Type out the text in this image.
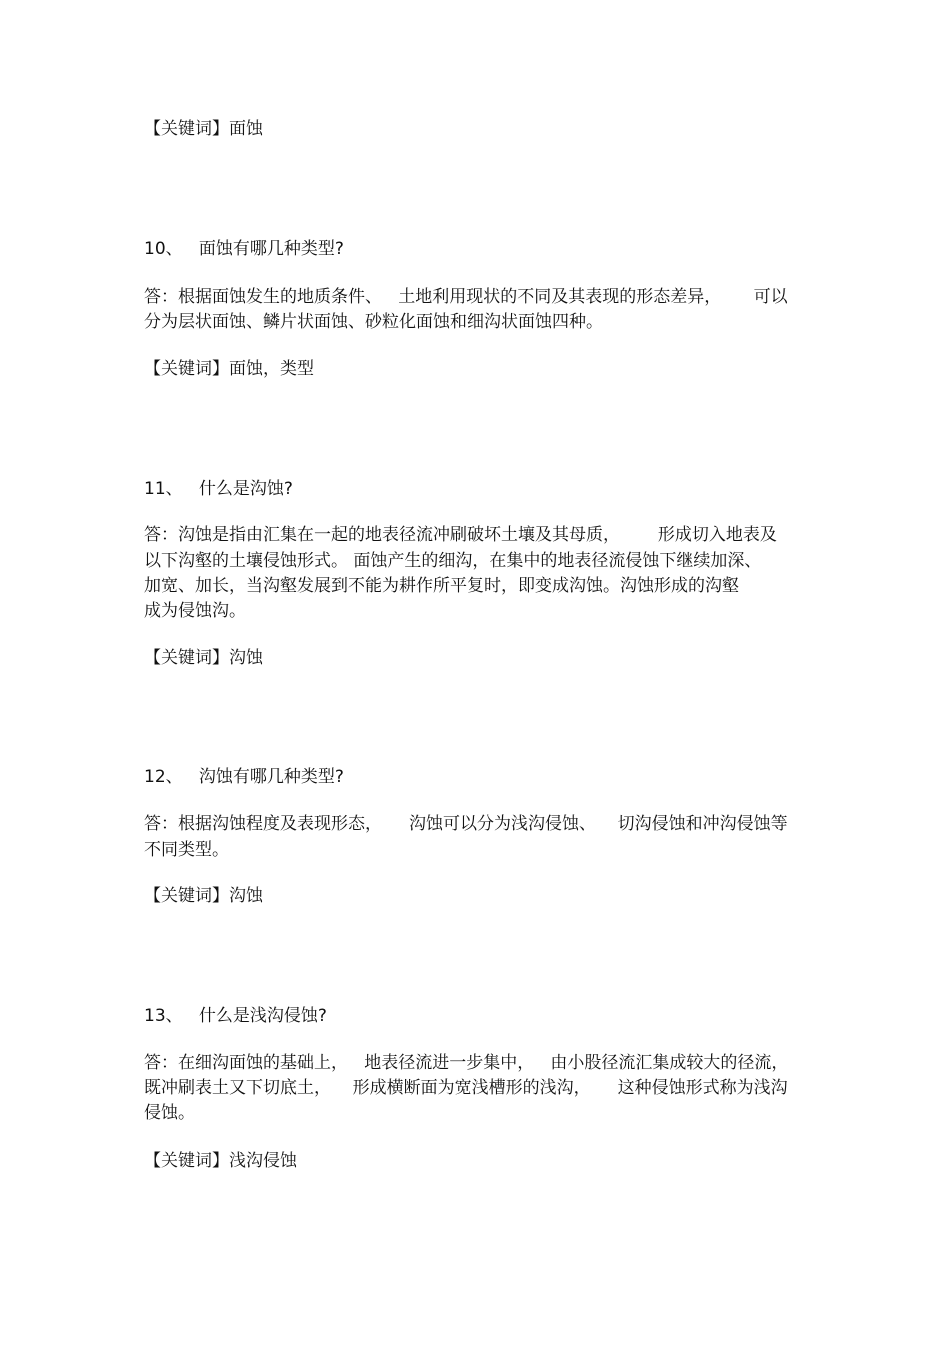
【关键词】面蚀

10、   面蚀有哪几种类型?

答：根据面蚀发生的地质条件、   土地利用现状的不同及其表现的形态差异，      可以

分为层状面蚀、鳞片状面蚀、砂粒化面蚀和细沟状面蚀四种。

【关键词】面蚀，类型

11、   什么是沟蚀?

答：沟蚀是指由汇集在一起的地表径流冲刷破坏土壤及其母质，       形成切入地表及

以下沟壑的土壤侵蚀形式。 面蚀产生的细沟，在集中的地表径流侵蚀下继续加深、

加宽、加长，当沟壑发展到不能为耕作所平复时，即变成沟蚀。沟蚀形成的沟壑

成为侵蚀沟。

【关键词】沟蚀

12、   沟蚀有哪几种类型?

答：根据沟蚀程度及表现形态，     沟蚀可以分为浅沟侵蚀、    切沟侵蚀和冲沟侵蚀等

不同类型。

【关键词】沟蚀

13、   什么是浅沟侵蚀?

答：在细沟面蚀的基础上，   地表径流进一步集中，   由小股径流汇集成较大的径流，

既冲刷表土又下切底土，    形成横断面为宽浅槽形的浅沟，     这种侵蚀形式称为浅沟

侵蚀。

【关键词】浅沟侵蚀
